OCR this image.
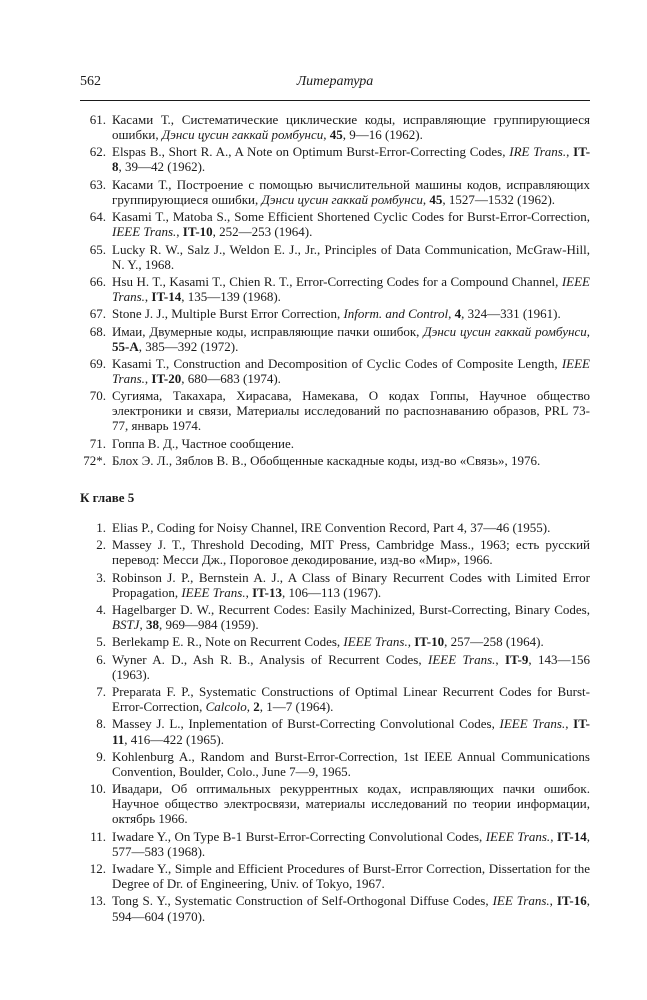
562	Литература
61. Касами Т., Систематические циклические коды, исправляющие группирующиеся ошибки, Дэнси цусин гаккай ромбунси, 45, 9—16 (1962).
62. Elspas B., Short R. A., A Note on Optimum Burst-Error-Correcting Codes, IRE Trans., IT-8, 39—42 (1962).
63. Касами Т., Построение с помощью вычислительной машины кодов, исправляющих группирующиеся ошибки, Дэнси цусин гаккай ромбунси, 45, 1527—1532 (1962).
64. Kasami T., Matoba S., Some Efficient Shortened Cyclic Codes for Burst-Error-Correction, IEEE Trans., IT-10, 252—253 (1964).
65. Lucky R. W., Salz J., Weldon E. J., Jr., Principles of Data Communication, McGraw-Hill, N. Y., 1968.
66. Hsu H. T., Kasami T., Chien R. T., Error-Correcting Codes for a Compound Channel, IEEE Trans., IT-14, 135—139 (1968).
67. Stone J. J., Multiple Burst Error Correction, Inform. and Control, 4, 324—331 (1961).
68. Имаи, Двумерные коды, исправляющие пачки ошибок, Дэнси цусин гаккай ромбунси, 55-A, 385—392 (1972).
69. Kasami T., Construction and Decomposition of Cyclic Codes of Composite Length, IEEE Trans., IT-20, 680—683 (1974).
70. Сугияма, Такахара, Хирасава, Намекава, О кодах Гоппы, Научное общество электроники и связи, Материалы исследований по распознаванию образов, PRL 73-77, январь 1974.
71. Гоппа В. Д., Частное сообщение.
72*. Блох Э. Л., Зяблов В. В., Обобщенные каскадные коды, изд-во «Связь», 1976.
К главе 5
1. Elias P., Coding for Noisy Channel, IRE Convention Record, Part 4, 37—46 (1955).
2. Massey J. T., Threshold Decoding, MIT Press, Cambridge Mass., 1963; есть русский перевод: Месси Дж., Пороговое декодирование, изд-во «Мир», 1966.
3. Robinson J. P., Bernstein A. J., A Class of Binary Recurrent Codes with Limited Error Propagation, IEEE Trans., IT-13, 106—113 (1967).
4. Hagelbarger D. W., Recurrent Codes: Easily Machinized, Burst-Correcting, Binary Codes, BSTJ, 38, 969—984 (1959).
5. Berlekamp E. R., Note on Recurrent Codes, IEEE Trans., IT-10, 257—258 (1964).
6. Wyner A. D., Ash R. B., Analysis of Recurrent Codes, IEEE Trans., IT-9, 143—156 (1963).
7. Preparata F. P., Systematic Constructions of Optimal Linear Recurrent Codes for Burst-Error-Correction, Calcolo, 2, 1—7 (1964).
8. Massey J. L., Inplementation of Burst-Correcting Convolutional Codes, IEEE Trans., IT-11, 416—422 (1965).
9. Kohlenburg A., Random and Burst-Error-Correction, 1st IEEE Annual Communications Convention, Boulder, Colo., June 7—9, 1965.
10. Ивадари, Об оптимальных рекуррентных кодах, исправляющих пачки ошибок. Научное общество электросвязи, материалы исследований по теории информации, октябрь 1966.
11. Iwadare Y., On Type B-1 Burst-Error-Correcting Convolutional Codes, IEEE Trans., IT-14, 577—583 (1968).
12. Iwadare Y., Simple and Efficient Procedures of Burst-Error Correction, Dissertation for the Degree of Dr. of Engineering, Univ. of Tokyo, 1967.
13. Tong S. Y., Systematic Construction of Self-Orthogonal Diffuse Codes, IEE Trans., IT-16, 594—604 (1970).
